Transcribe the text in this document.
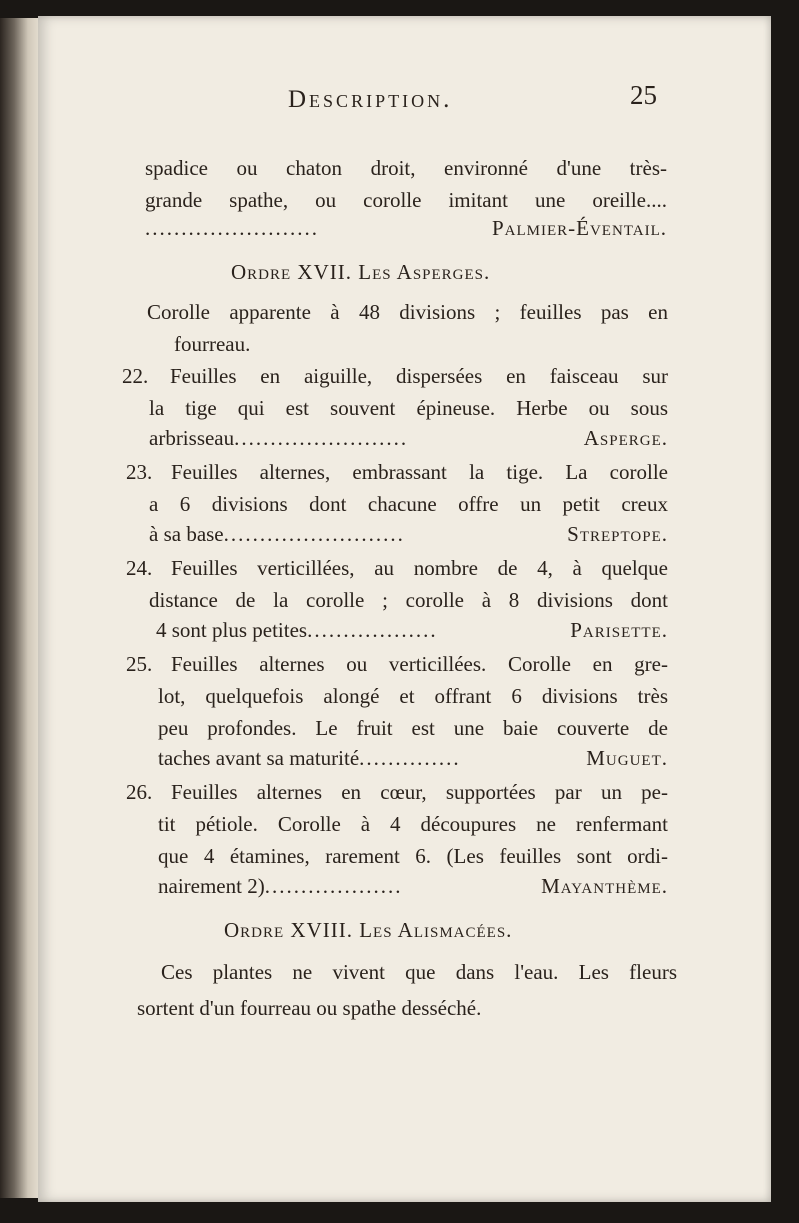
Description.	25
spadice ou chaton droit, environné d'une très-
grande spathe, ou corolle imitant une oreille....
........................	Palmier-Éventail.
Ordre XVII. Les Asperges.
Corolle apparente à 48 divisions ; feuilles pas en
fourreau.
22. Feuilles en aiguille, dispersées en faisceau sur
la tige qui est souvent épineuse. Herbe ou sous
arbrisseau ........................	Asperge.
23. Feuilles alternes, embrassant la tige. La corolle
a 6 divisions dont chacune offre un petit creux
à sa base .........................	Streptope.
24. Feuilles verticillées, au nombre de 4, à quelque
distance de la corolle ; corolle à 8 divisions dont
4 sont plus petites ..................	Parisette.
25. Feuilles alternes ou verticillées. Corolle en gre-
lot, quelquefois alongé et offrant 6 divisions très
peu profondes. Le fruit est une baie couverte de
taches avant sa maturité ..............	Muguet.
26. Feuilles alternes en cœur, supportées par un pe-
tit pétiole. Corolle à 4 découpures ne renfermant
que 4 étamines, rarement 6. (Les feuilles sont ordi-
nairement 2) ...................	Mayanthème.
Ordre XVIII. Les Alismacées.
Ces plantes ne vivent que dans l'eau. Les fleurs
sortent d'un fourreau ou spathe desséché.
